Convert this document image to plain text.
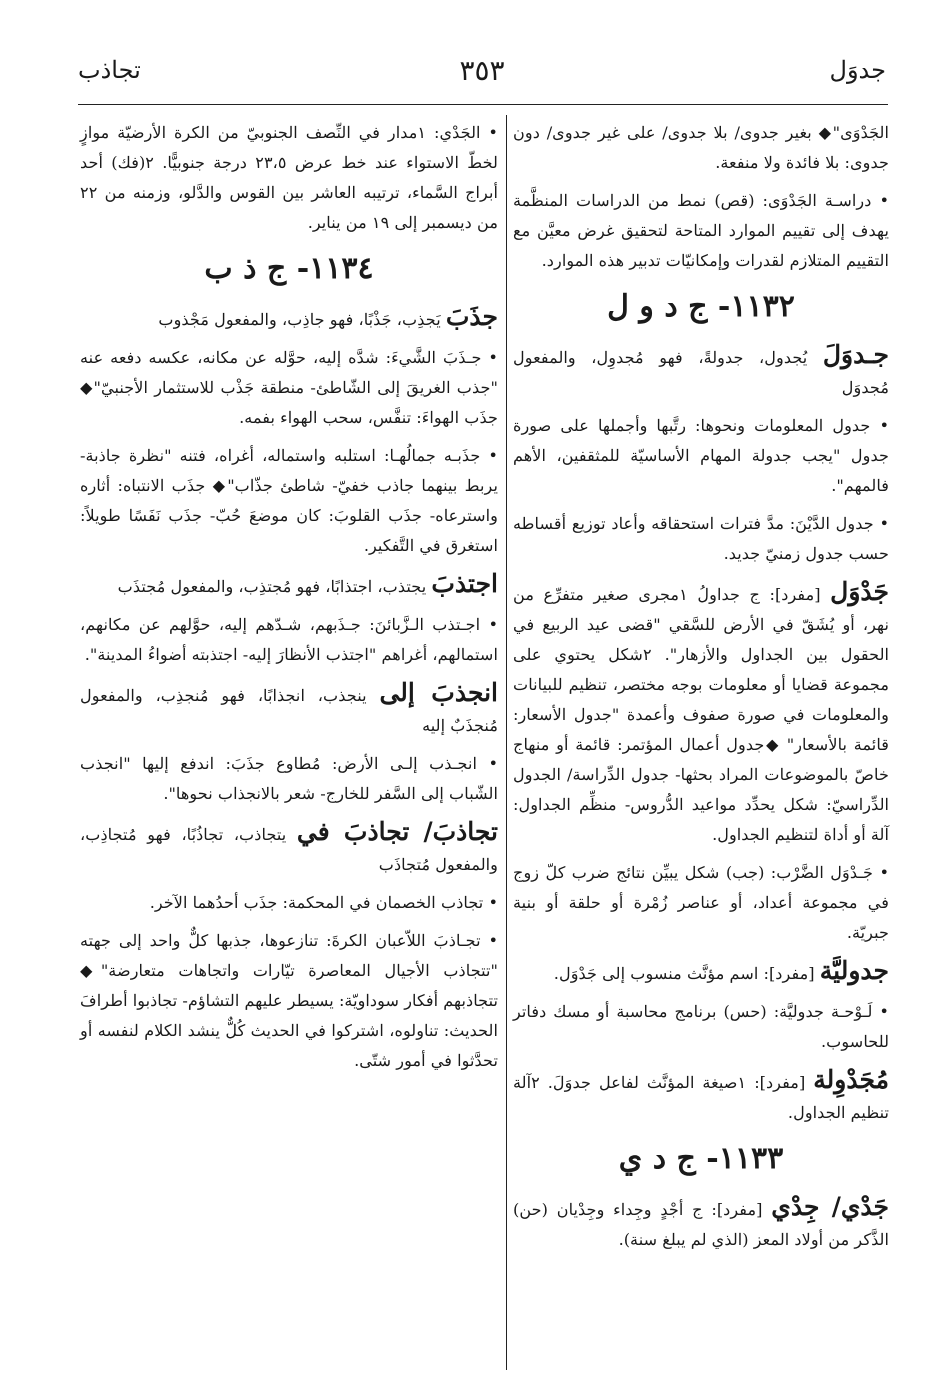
جدوَل
٣٥٣
تجاذب

الجَدْوَى"◆ بغير جدوى/ بلا جدوى/ على غير جدوى/ دون جدوى: بلا فائدة ولا منفعة.

• دراسـة الجَدْوَى: (قص) نمط من الدراسات المنظَّمة يهدف إلى تقييم الموارد المتاحة لتحقيق غرض معيَّن مع التقييم المتلازم لقدرات وإمكانيّات تدبير هذه الموارد.

١١٣٢- ج د و ل

جـدوَلَ يُجدول، جدولةً، فهو مُجدوِل، والمفعول مُجدوَل

• جدول المعلومات ونحوها: رتَّبها وأجملها على صورة جدول "يجب جدولة المهام الأساسيّة للمثقفين، الأهم فالمهم".

• جدول الدَّيْنَ: مدَّ فترات استحقاقه وأعاد توزيع أقساطه حسب جدول زمنيّ جديد.

جَدْوَل [مفرد]: ج جداولُ ١مجرى صغير متفرِّع من نهر، أو يُشَقّ في الأرض للسَّقي "قضى عيد الربيع في الحقول بين الجداول والأزهار". ٢شكل يحتوي على مجموعة قضايا أو معلومات بوجه مختصر، تنظيم للبيانات والمعلومات في صورة صفوف وأعمدة "جدول الأسعار: قائمة بالأسعار" ◆جدول أعمال المؤتمر: قائمة أو منهاج خاصّ بالموضوعات المراد بحثها- جدول الدِّراسة/ الجدول الدِّراسيّ: شكل يحدِّد مواعيد الدُّروس- منظِّم الجداول: آلة أو أداة لتنظيم الجداول.

• جَـدْوَل الضَّرْب: (جب) شكل يبيِّن نتائج ضرب كلّ زوج في مجموعة أعداد، أو عناصر زُمْرة أو حلقة أو بنية جبريّة.

جدوليَّة [مفرد]: اسم مؤنَّث منسوب إلى جَدْوَل.

• لَـوْحـة جدوليَّة: (حس) برنامج محاسبة أو مسك دفاتر للحاسوب.

مُجَدْوِلة [مفرد]: ١صيغة المؤنَّث لفاعل جدوَلَ. ٢آلة تنظيم الجداول.

١١٣٣- ج د ي

جَدْي/ جِدْي [مفرد]: ج أجْدٍ وجِداء وجِدْيان (حن) الذَّكر من أولاد المعز (الذي لم يبلغ سنة).

• الجَدْي: ١مدار في النِّصف الجنوبيّ من الكرة الأرضيّة موازٍ لخطّ الاستواء عند خط عرض ٢٣،٥ درجة جنوبيًّا. ٢(فك) أحد أبراج السَّماء، ترتيبه العاشر بين القوس والدَّلو، وزمنه من ٢٢ من ديسمبر إلى ١٩ من يناير.

١١٣٤- ج ذ ب

جذَبَ يَجذِب، جَذْبًا، فهو جاذِب، والمفعول مَجْذوب

• جـذَبَ الشَّيءَ: شدَّه إليه، حوَّله عن مكانه، عكسه دفعه عنه "جذب الغريقَ إلى الشّاطئ- منطقة جَذْب للاستثمار الأجنبيّ"◆ جذَب الهواءَ: تنفَّس، سحب الهواء بفمه.

• جذَبـه جمالُهـا: استلبه واستماله، أغراه، فتنه "نظرة جاذبة- يربط بينهما جاذب خفيّ- شاطئ جذّاب"◆ جذَب الانتباه: أثاره واسترعاه- جذَب القلوبَ: كان موضعَ حُبّ- جذَب نَفَسًا طويلاً: استغرق في التَّفكير.

اجتذبَ يجتذب، اجتذابًا، فهو مُجتذِب، والمفعول مُجتذَب

• اجـتذب الـزَّبائنَ: جـذَبهم، شـدّهم إليه، حوَّلهم عن مكانهم، استمالهم، أغراهم "اجتذب الأنظارَ إليه- اجتذبته أضواءُ المدينة".

انجذبَ إلى ينجذب، انجذابًا، فهو مُنجذِب، والمفعول مُنجذَبٌ إليه

• انجـذب إلـى الأرض: مُطاوع جذَبَ: اندفع إليها "انجذب الشّباب إلى السَّفر للخارج- شعر بالانجذاب نحوها".

تجاذبَ/ تجاذبَ في يتجاذب، تجاذُبًا، فهو مُتجاذِب، والمفعول مُتجاذَب

• تجاذب الخصمان في المحكمة: جذَب أحدُهما الآخر.

• تجـاذبَ اللاّعبان الكرةَ: تنازعوها، جذبها كلٌّ واحد إلى جهته "تتجاذب الأجيال المعاصرة تيّارات واتجاهات متعارضة"◆ تتجاذبهم أفكار سوداويّة: يسيطر عليهم التشاؤم- تجاذبوا أطرافَ الحديث: تناولوه، اشتركوا في الحديث كُلٌّ ينشد الكلام لنفسه أو تحدَّثوا في أمور شتّى.
